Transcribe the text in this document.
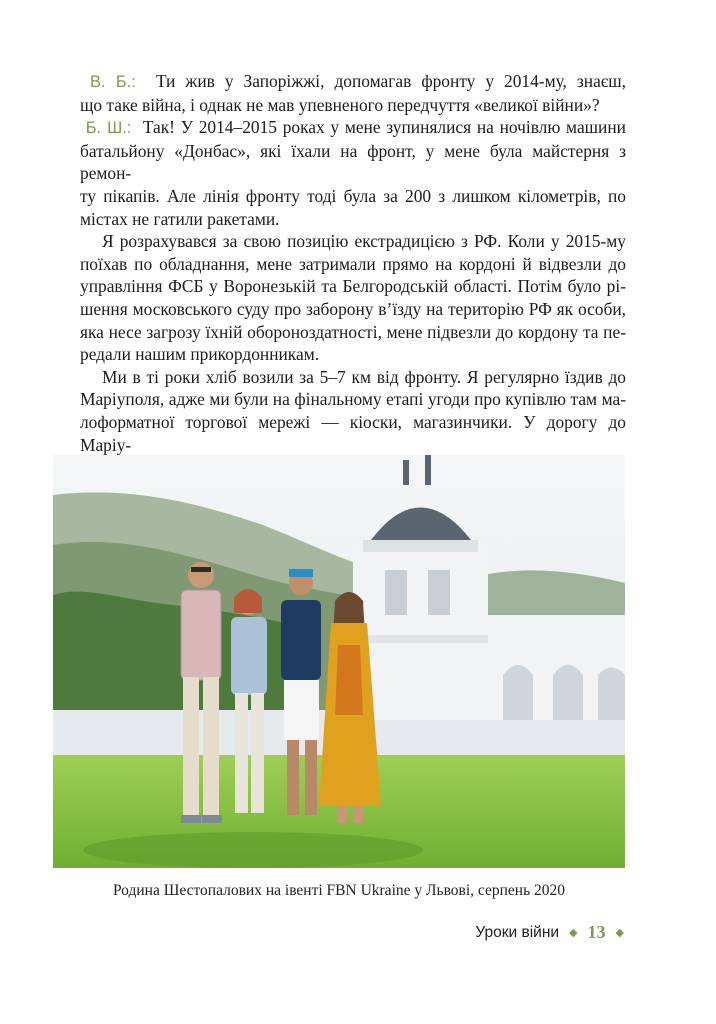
В. Б.: Ти жив у Запоріжжі, допомагав фронту у 2014-му, знаєш,
що таке війна, і однак не мав упевненого передчуття «великої війни»?
Б. Ш.: Так! У 2014–2015 роках у мене зупинялися на ночівлю машини
батальйону «Донбас», які їхали на фронт, у мене була майстерня з ремон-
ту пікапів. Але лінія фронту тоді була за 200 з лишком кілометрів, по
містах не гатили ракетами.
Я розрахувався за свою позицію екстрадицією з РФ. Коли у 2015-му
поїхав по обладнання, мене затримали прямо на кордоні й відвезли до
управління ФСБ у Воронезькій та Белгородській області. Потім було рі-
шення московського суду про заборону вʼїзду на територію РФ як особи,
яка несе загрозу їхній обороноздатності, мене підвезли до кордону та пе-
редали нашим прикордонникам.
Ми в ті роки хліб возили за 5–7 км від фронту. Я регулярно їздив до
Маріуполя, адже ми були на фінальному етапі угоди про купівлю там ма-
лоформатної торгової мережі — кіоски, магазинчики. У дорогу до Маріу-
Родина Шестопалових на івенті FBN Ukraine у Львові, серпень 2020
Уроки війни ◆ 13 ◆
